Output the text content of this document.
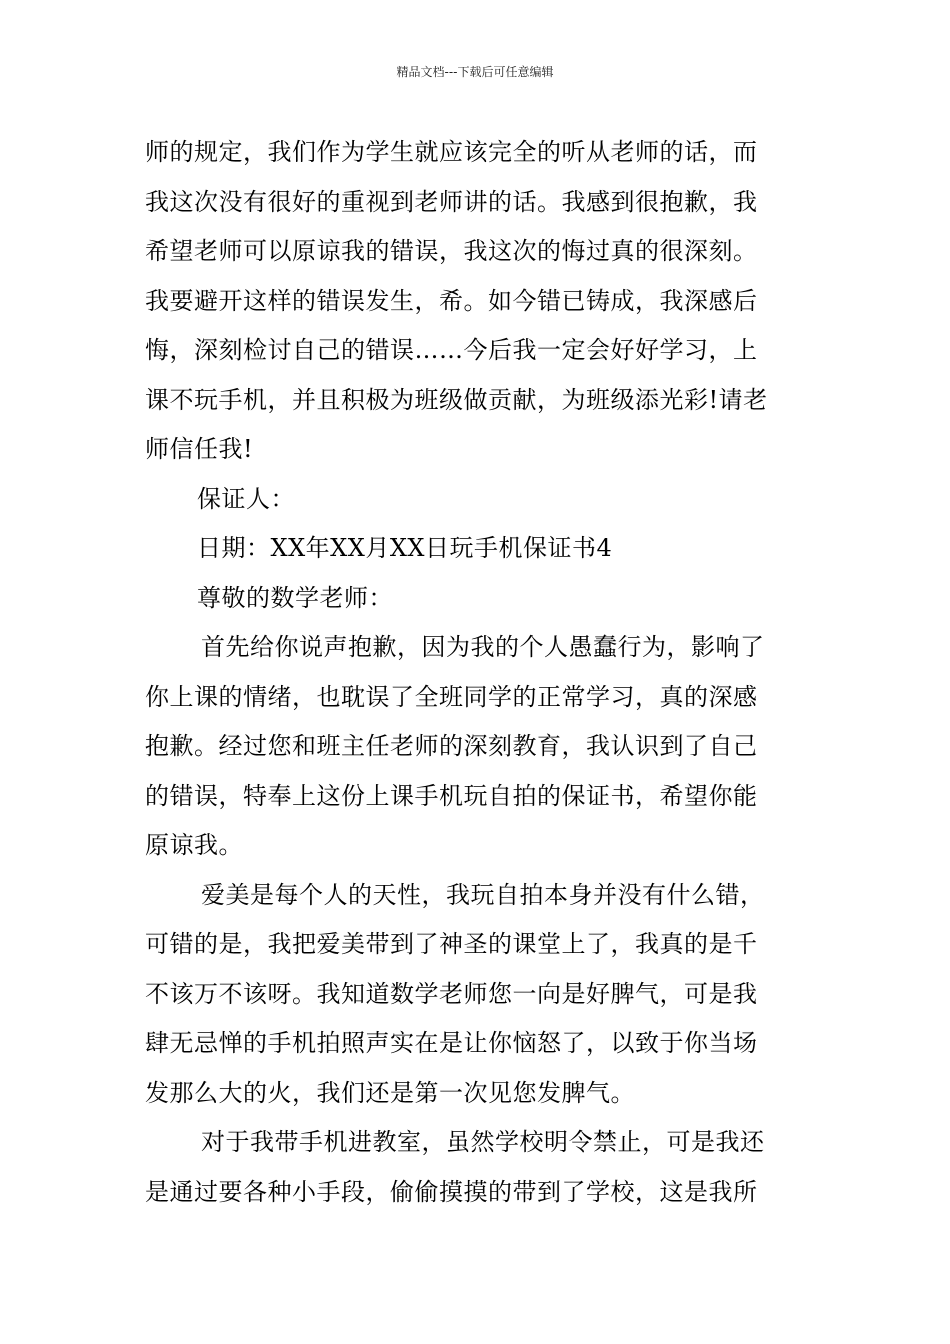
精品文档---下载后可任意编辑
师的规定，我们作为学生就应该完全的听从老师的话，而
我这次没有很好的重视到老师讲的话。我感到很抱歉，我
希望老师可以原谅我的错误，我这次的悔过真的很深刻。
我要避开这样的错误发生，希。如今错已铸成，我深感后
悔，深刻检讨自己的错误……今后我一定会好好学习，上
课不玩手机，并且积极为班级做贡献，为班级添光彩!请老
师信任我!
保证人：
日期：XX年XX月XX日玩手机保证书4
尊敬的数学老师：
首先给你说声抱歉，因为我的个人愚蠢行为，影响了
你上课的情绪，也耽误了全班同学的正常学习，真的深感
抱歉。经过您和班主任老师的深刻教育，我认识到了自己
的错误，特奉上这份上课手机玩自拍的保证书，希望你能
原谅我。
爱美是每个人的天性，我玩自拍本身并没有什么错，
可错的是，我把爱美带到了神圣的课堂上了，我真的是千
不该万不该呀。我知道数学老师您一向是好脾气，可是我
肆无忌惮的手机拍照声实在是让你恼怒了，以致于你当场
发那么大的火，我们还是第一次见您发脾气。
对于我带手机进教室，虽然学校明令禁止，可是我还
是通过要各种小手段，偷偷摸摸的带到了学校，这是我所
